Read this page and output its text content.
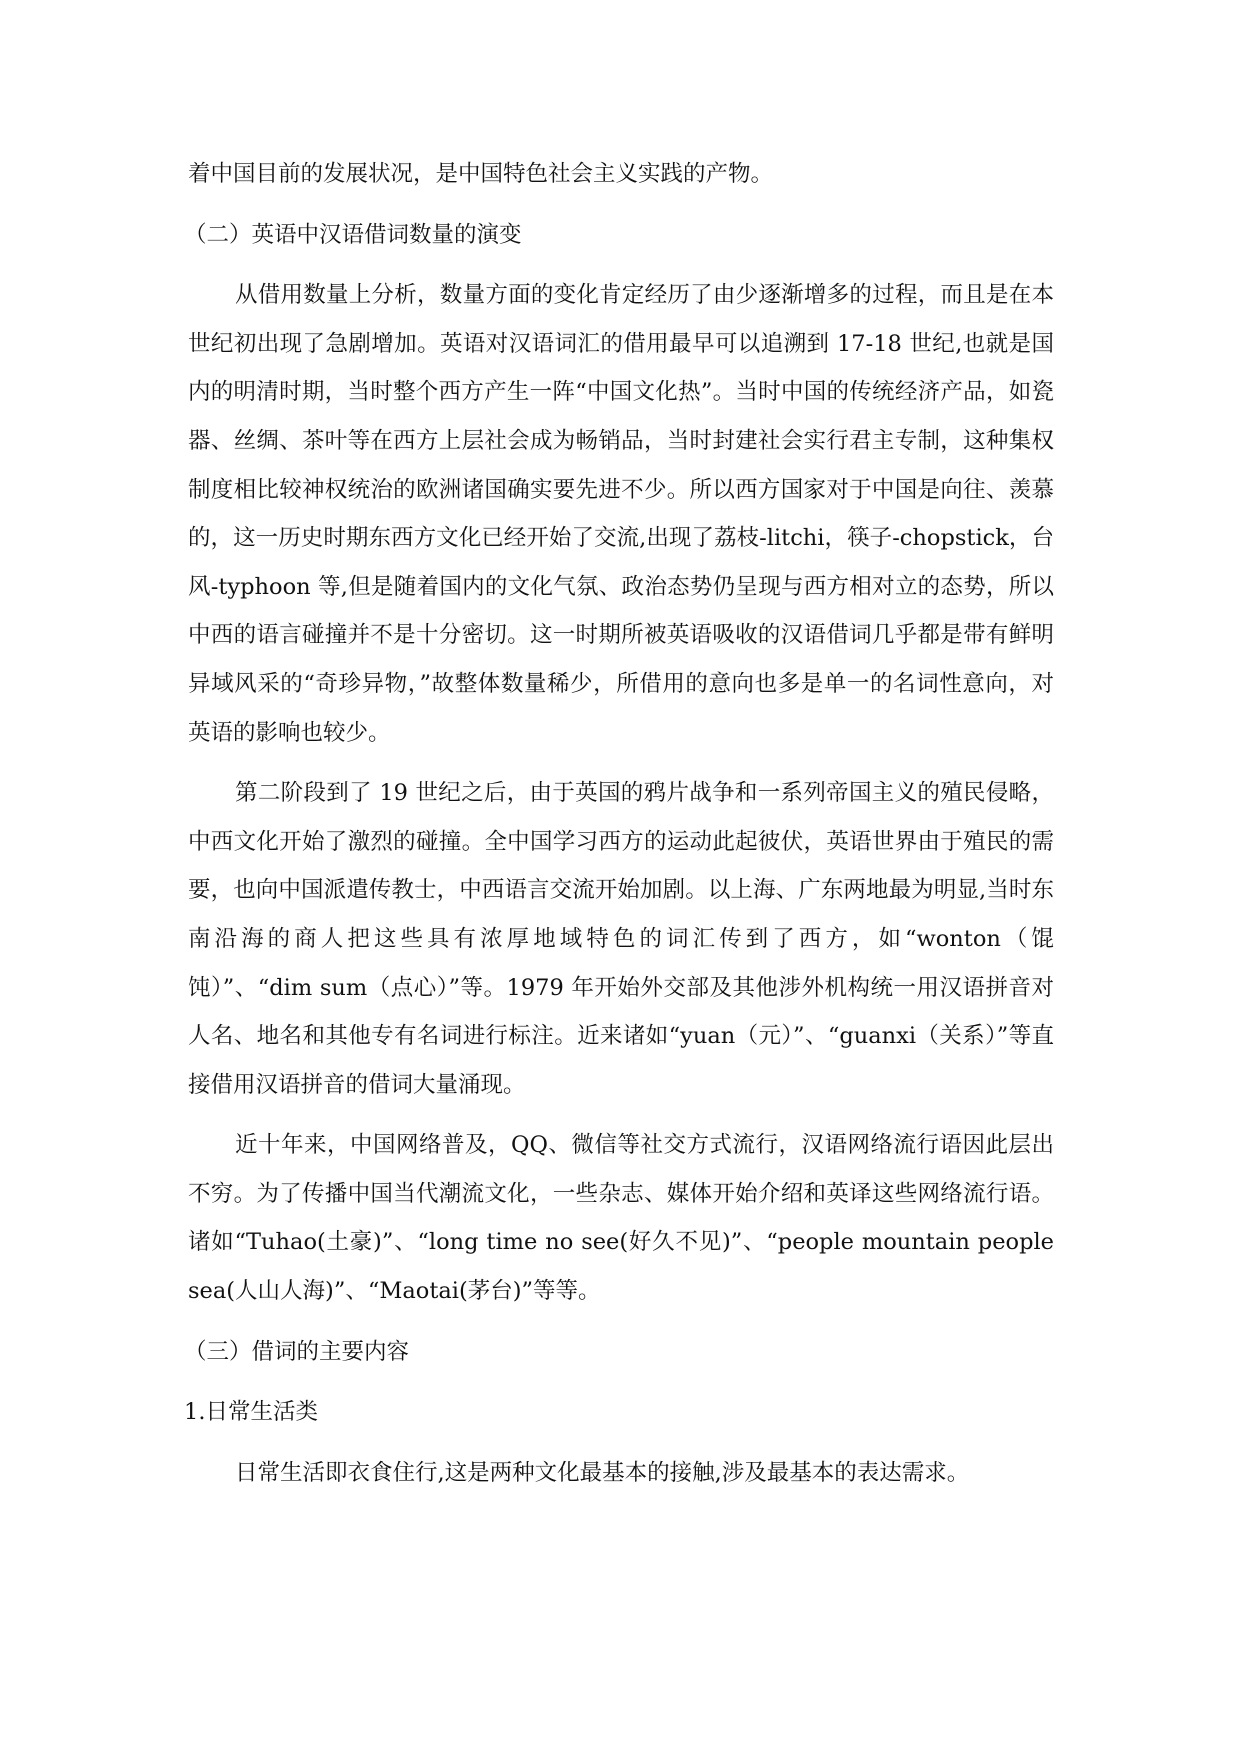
着中国目前的发展状况，是中国特色社会主义实践的产物。

（二）英语中汉语借词数量的演变

从借用数量上分析，数量方面的变化肯定经历了由少逐渐增多的过程，而且是在本世纪初出现了急剧增加。英语对汉语词汇的借用最早可以追溯到 17-18 世纪,也就是国内的明清时期，当时整个西方产生一阵“中国文化热”。当时中国的传统经济产品，如瓷器、丝绸、茶叶等在西方上层社会成为畅销品，当时封建社会实行君主专制，这种集权制度相比较神权统治的欧洲诸国确实要先进不少。所以西方国家对于中国是向往、羡慕的，这一历史时期东西方文化已经开始了交流,出现了荔枝-litchi，筷子-chopstick，台风-typhoon 等,但是随着国内的文化气氛、政治态势仍呈现与西方相对立的态势，所以中西的语言碰撞并不是十分密切。这一时期所被英语吸收的汉语借词几乎都是带有鲜明异域风采的“奇珍异物，”故整体数量稀少，所借用的意向也多是单一的名词性意向，对英语的影响也较少。

第二阶段到了 19 世纪之后，由于英国的鸦片战争和一系列帝国主义的殖民侵略，中西文化开始了激烈的碰撞。全中国学习西方的运动此起彼伏，英语世界由于殖民的需要，也向中国派遣传教士，中西语言交流开始加剧。以上海、广东两地最为明显,当时东南沿海的商人把这些具有浓厚地域特色的词汇传到了西方，如“wonton（馄饨）”、“dim sum（点心）”等。1979 年开始外交部及其他涉外机构统一用汉语拼音对人名、地名和其他专有名词进行标注。近来诸如“yuan（元）”、“guanxi（关系）”等直接借用汉语拼音的借词大量涌现。

近十年来，中国网络普及，QQ、微信等社交方式流行，汉语网络流行语因此层出不穷。为了传播中国当代潮流文化，一些杂志、媒体开始介绍和英译这些网络流行语。诸如“Tuhao(土豪)”、“long time no see(好久不见)”、“people mountain people sea(人山人海)”、“Maotai(茅台)”等等。

（三）借词的主要内容

1.日常生活类

日常生活即衣食住行,这是两种文化最基本的接触,涉及最基本的表达需求。
